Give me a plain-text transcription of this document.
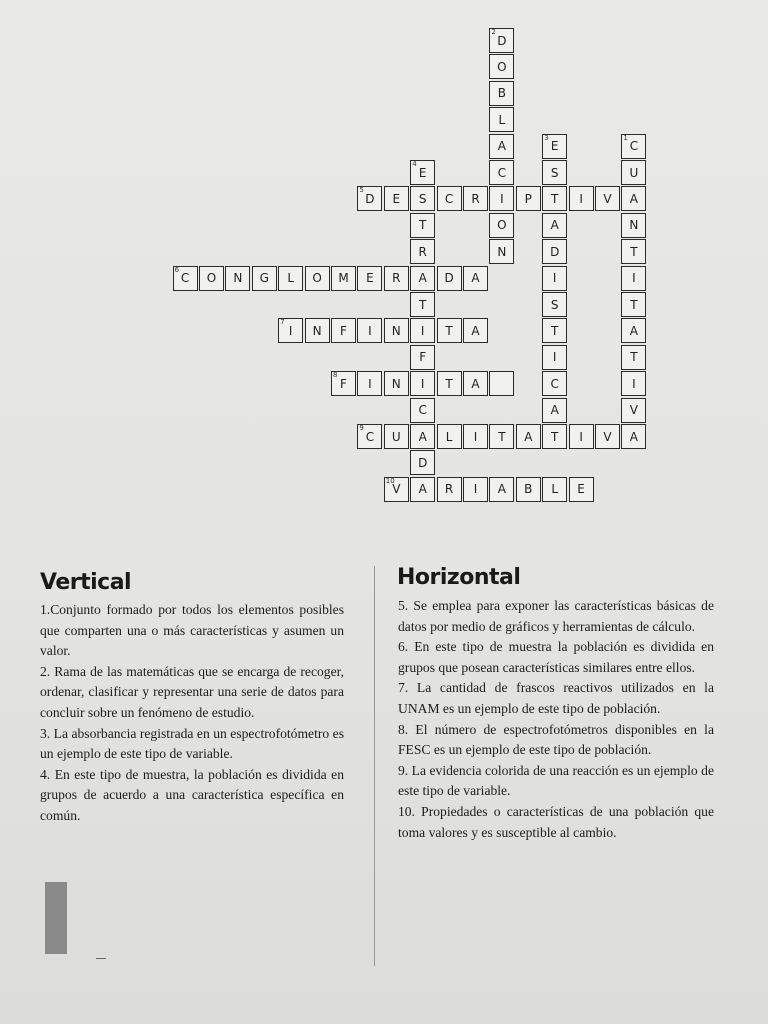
D
2
O
B
L
A	E
3
C
1
E
4
C	S	U
D
5
E S C R I P T I V A
T	O	A	N
R	N	D	T
C
6
O N G L O M E R A D A	I	I
T	S	T
I
7
N F I N I T A	T	A
F	I	T
F
8
I N I T A	C	I
C	A	V
C
9
U A L I T A T I V A
D
V
10
A R I A B L E
Vertical

1.Conjunto formado por todos los elementos posibles que comparten una o más características y asumen un valor.

2. Rama de las matemáticas que se encarga de recoger, ordenar, clasificar y representar una serie de datos para concluir sobre un fenómeno de estudio.

3. La absorbancia registrada en un espectrofotómetro es un ejemplo de este tipo de variable.

4. En este tipo de muestra, la población es dividida en grupos de acuerdo a una característica específica en común.

Horizontal

5. Se emplea para exponer las características básicas de datos por medio de gráficos y herramientas de cálculo.

6. En este tipo de muestra la población es dividida en grupos que posean características similares entre ellos.

7. La cantidad de frascos reactivos utilizados en la UNAM es un ejemplo de este tipo de población.

8. El número de espectrofotómetros disponibles en la FESC es un ejemplo de este tipo de población.

9. La evidencia colorida de una reacción es un ejemplo de este tipo de variable.

10. Propiedades o características de una población que toma valores y es susceptible al cambio.
